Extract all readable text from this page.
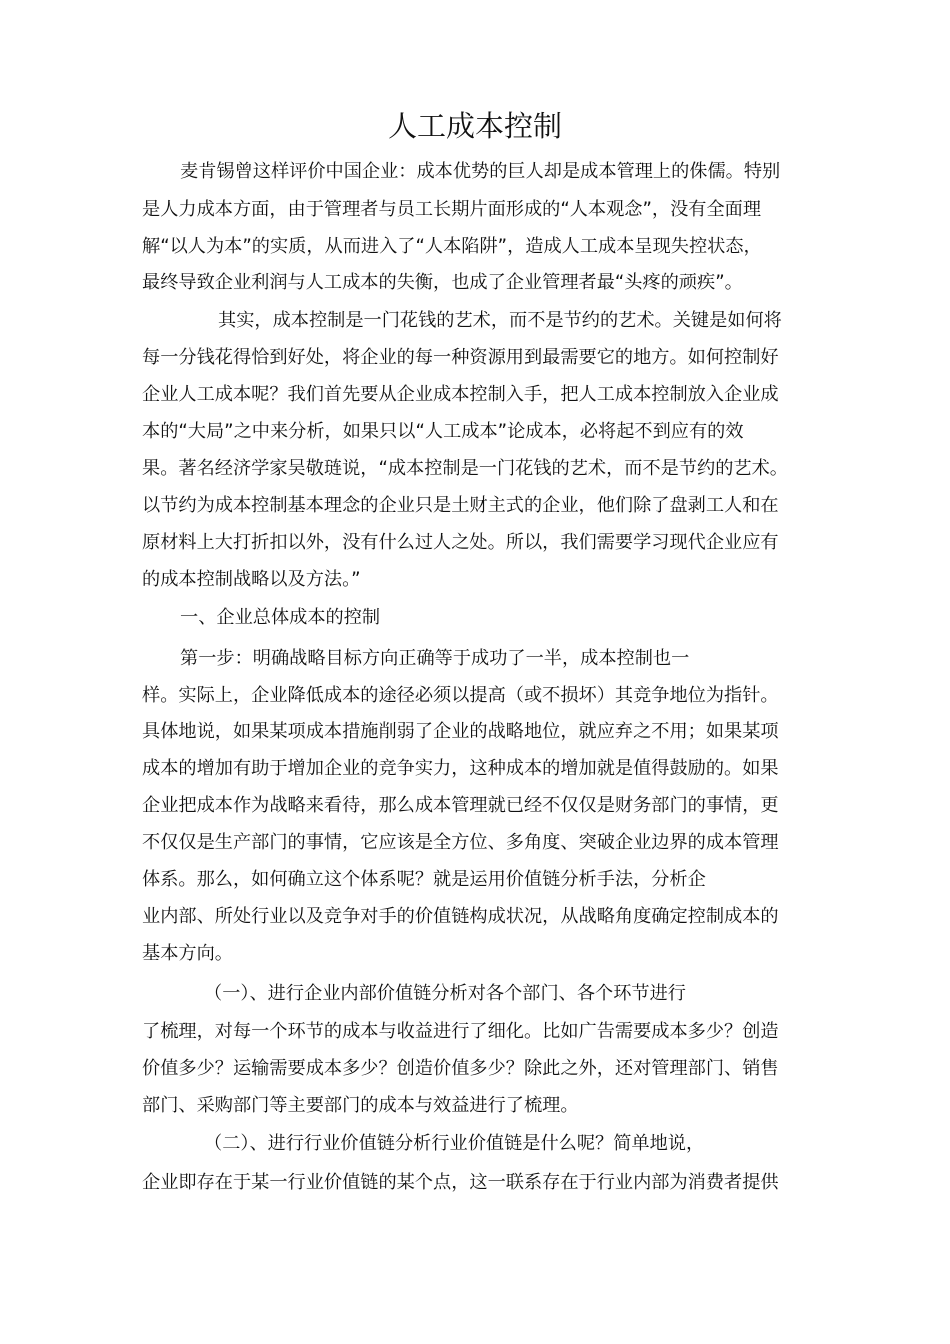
人工成本控制

麦肯锡曾这样评价中国企业：成本优势的巨人却是成本管理上的侏儒。特别

是人力成本方面，由于管理者与员工长期片面形成的“人本观念”，没有全面理

解“以人为本”的实质，从而进入了“人本陷阱”，造成人工成本呈现失控状态，

最终导致企业利润与人工成本的失衡，也成了企业管理者最“头疼的顽疾”。

其实，成本控制是一门花钱的艺术，而不是节约的艺术。关键是如何将

每一分钱花得恰到好处，将企业的每一种资源用到最需要它的地方。如何控制好

企业人工成本呢？我们首先要从企业成本控制入手，把人工成本控制放入企业成

本的“大局”之中来分析，如果只以“人工成本”论成本，必将起不到应有的效

果。著名经济学家吴敬琏说，“成本控制是一门花钱的艺术，而不是节约的艺术。

以节约为成本控制基本理念的企业只是土财主式的企业，他们除了盘剥工人和在

原材料上大打折扣以外，没有什么过人之处。所以，我们需要学习现代企业应有

的成本控制战略以及方法。”

一、企业总体成本的控制

第一步：明确战略目标方向正确等于成功了一半，成本控制也一

样。实际上，企业降低成本的途径必须以提高（或不损坏）其竞争地位为指针。

具体地说，如果某项成本措施削弱了企业的战略地位，就应弃之不用；如果某项

成本的增加有助于增加企业的竞争实力，这种成本的增加就是值得鼓励的。如果

企业把成本作为战略来看待，那么成本管理就已经不仅仅是财务部门的事情，更

不仅仅是生产部门的事情，它应该是全方位、多角度、突破企业边界的成本管理

体系。那么，如何确立这个体系呢？就是运用价值链分析手法，分析企

业内部、所处行业以及竞争对手的价值链构成状况，从战略角度确定控制成本的

基本方向。

（一）、进行企业内部价值链分析对各个部门、各个环节进行

了梳理，对每一个环节的成本与收益进行了细化。比如广告需要成本多少？创造

价值多少？运输需要成本多少？创造价值多少？除此之外，还对管理部门、销售

部门、采购部门等主要部门的成本与效益进行了梳理。

（二）、进行行业价值链分析行业价值链是什么呢？简单地说，

企业即存在于某一行业价值链的某个点，这一联系存在于行业内部为消费者提供
